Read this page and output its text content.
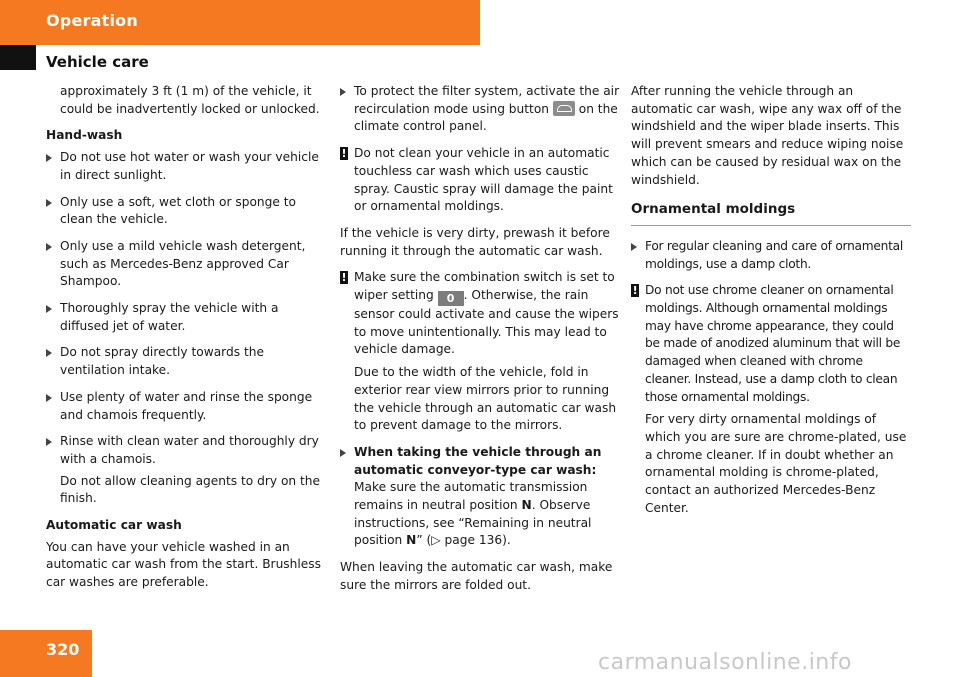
Operation
Vehicle care

approximately 3 ft (1 m) of the vehicle, it could be inadvertently locked or unlocked.

Hand-wash
Do not use hot water or wash your vehicle in direct sunlight.
Only use a soft, wet cloth or sponge to clean the vehicle.
Only use a mild vehicle wash detergent, such as Mercedes-Benz approved Car Shampoo.
Thoroughly spray the vehicle with a diffused jet of water.
Do not spray directly towards the ventilation intake.
Use plenty of water and rinse the sponge and chamois frequently.
Rinse with clean water and thoroughly dry with a chamois.

Do not allow cleaning agents to dry on the finish.

Automatic car wash

You can have your vehicle washed in an automatic car wash from the start. Brushless car washes are preferable.

To protect the filter system, activate the air recirculation mode using button on the climate control panel.
! Do not clean your vehicle in an automatic touchless car wash which uses caustic spray. Caustic spray will damage the paint or ornamental moldings.

If the vehicle is very dirty, prewash it before running it through the automatic car wash.

! Make sure the combination switch is set to wiper setting 0 . Otherwise, the rain sensor could activate and cause the wipers to move unintentionally. This may lead to vehicle damage.

Due to the width of the vehicle, fold in exterior rear view mirrors prior to running the vehicle through an automatic car wash to prevent damage to the mirrors.

When taking the vehicle through an automatic conveyor-type car wash:
Make sure the automatic transmission remains in neutral position N. Observe instructions, see “Remaining in neutral position N” (▷ page 136).

When leaving the automatic car wash, make sure the mirrors are folded out.

After running the vehicle through an automatic car wash, wipe any wax off of the windshield and the wiper blade inserts. This will prevent smears and reduce wiping noise which can be caused by residual wax on the windshield.

Ornamental moldings
For regular cleaning and care of ornamental moldings, use a damp cloth.
! Do not use chrome cleaner on ornamental moldings. Although ornamental moldings may have chrome appearance, they could be made of anodized aluminum that will be damaged when cleaned with chrome cleaner. Instead, use a damp cloth to clean those ornamental moldings.

For very dirty ornamental moldings of which you are sure are chrome-plated, use a chrome cleaner. If in doubt whether an ornamental molding is chrome-plated, contact an authorized Mercedes-Benz Center.

320
carmanualsonline.info
